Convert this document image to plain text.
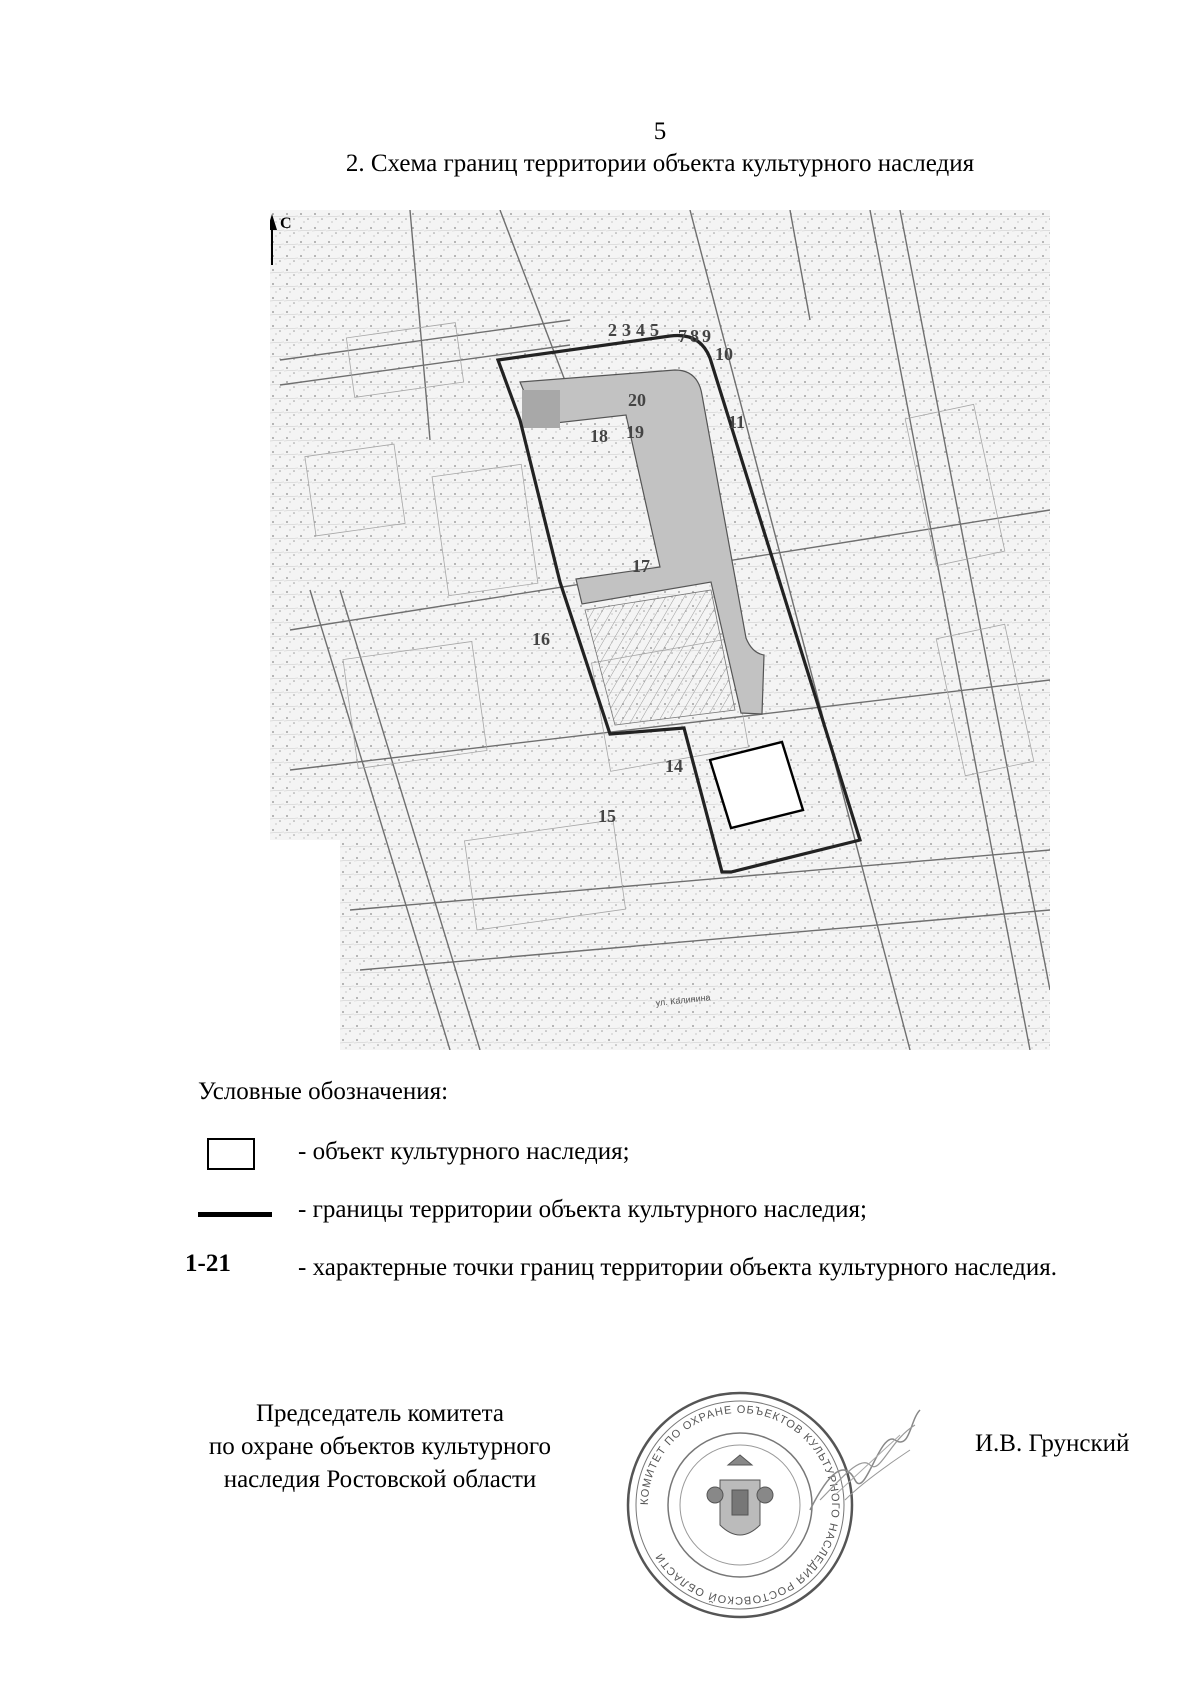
5
2. Схема границ территории объекта культурного наследия
С
2 3 4 5 7 8 9
10
11
14
15
16
17
18 19
20
ул. Калинина
Условные обозначения:
- объект культурного наследия;
- границы территории объекта культурного наследия;
1-21	- характерные точки границ территории объекта культурного наследия.
Председатель комитета
по охране объектов культурного
наследия Ростовской области
КОМИТЕТ ПО ОХРАНЕ ОБЪЕКТОВ КУЛЬТУРНОГО НАСЛЕДИЯ РОСТОВСКОЙ ОБЛАСТИ
И.В. Грунский
